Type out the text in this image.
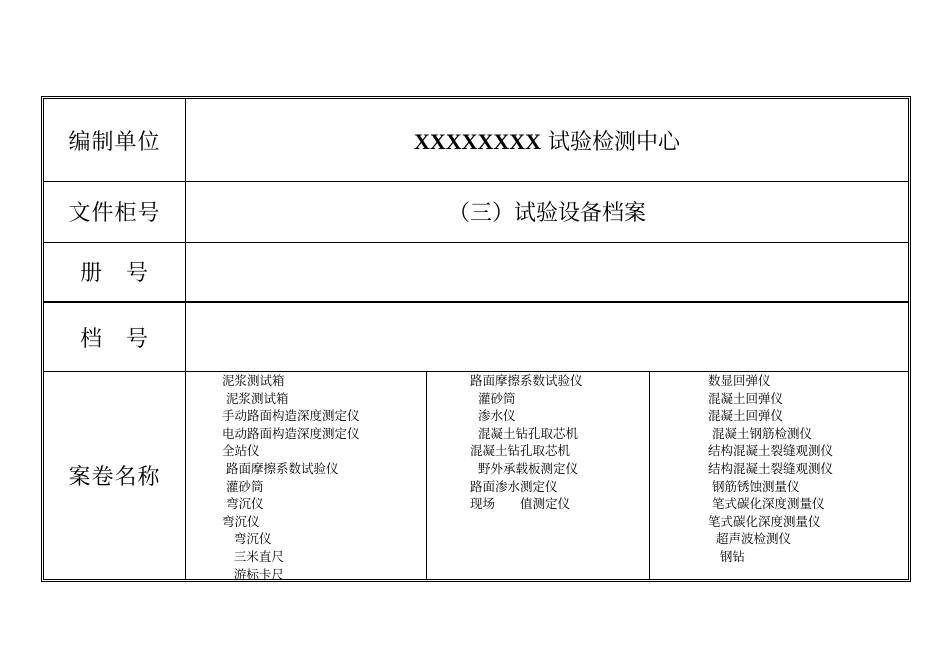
编制单位	XXXXXXXX 试验检测中心
文件柜号	（三）试验设备档案
册　号
档　号
案卷名称
泥浆测试箱
泥浆测试箱
手动路面构造深度测定仪
电动路面构造深度测定仪
全站仪
路面摩擦系数试验仪
灌砂筒
弯沉仪
弯沉仪
弯沉仪
三米直尺
游标卡尺
路面摩擦系数试验仪
灌砂筒
渗水仪
混凝土钻孔取芯机
混凝土钻孔取芯机
野外承载板测定仪
路面渗水测定仪
现场　　值测定仪
数显回弹仪
混凝土回弹仪
混凝土回弹仪
混凝土钢筋检测仪
结构混凝土裂缝观测仪
结构混凝土裂缝观测仪
钢筋锈蚀测量仪
笔式碳化深度测量仪
笔式碳化深度测量仪
超声波检测仪
钢钻
